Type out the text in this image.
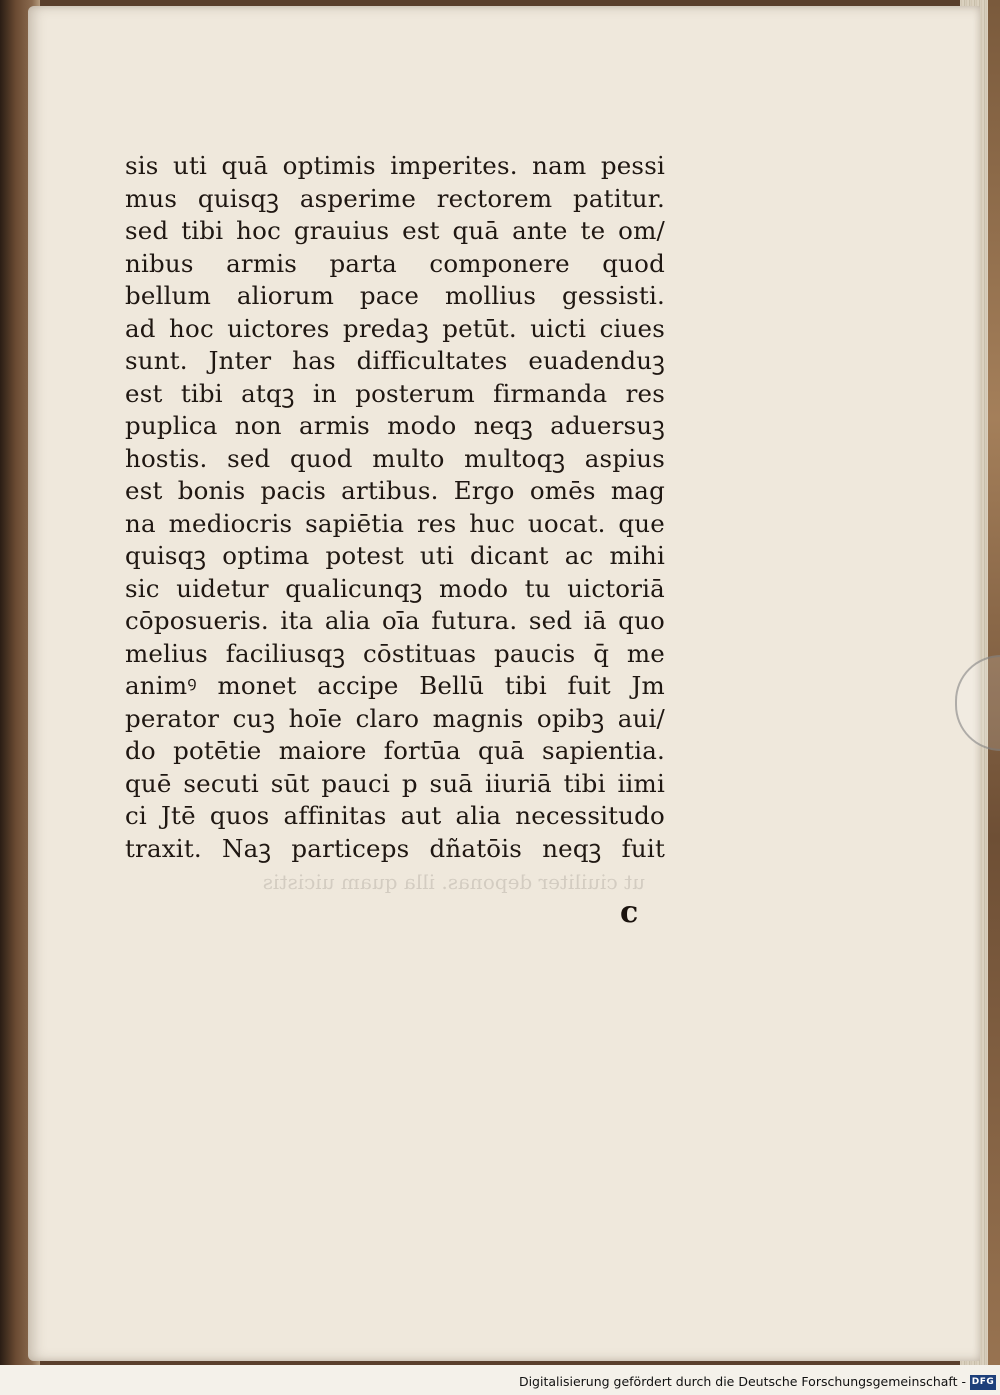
sis uti quā optimis imperites. nam pessi
mus quisqꝫ asperime rectorem patitur.
sed tibi hoc grauius est quā ante te om/
nibus armis parta componere quod
bellum aliorum pace mollius gessisti.
ad hoc uictores predaꝫ petūt. uicti ciues
sunt. Jnter has difficultates euadenduꝫ
est tibi atqꝫ in posterum firmanda res
puplica non armis modo neqꝫ aduersuꝫ
hostis. sed quod multo multoqꝫ aspius
est bonis pacis artibus. Ergo omēs mag
na mediocris sapiētia res huc uocat. que
quisqꝫ optima potest uti dicant ac mihi
sic uidetur qualicunqꝫ modo tu uictoriā
cōposueris. ita alia oīa futura. sed iā quo
melius faciliusqꝫ cōstituas paucis q̄ me
animꝰ monet accipe Bellū tibi fuit Jm
perator cuꝫ hoīe claro magnis opibꝫ aui/
do potētie maiore fortūa quā sapientia.
quē secuti sūt pauci p suā iiuriā tibi iimi
ci Jtē quos affinitas aut alia necessitudo
traxit. Naꝫ particeps dñatōis neqꝫ fuit
ut ciuiliter deponas. illa quam uicistis
c
Digitalisierung gefördert durch die Deutsche Forschungsgemeinschaft - DFG
